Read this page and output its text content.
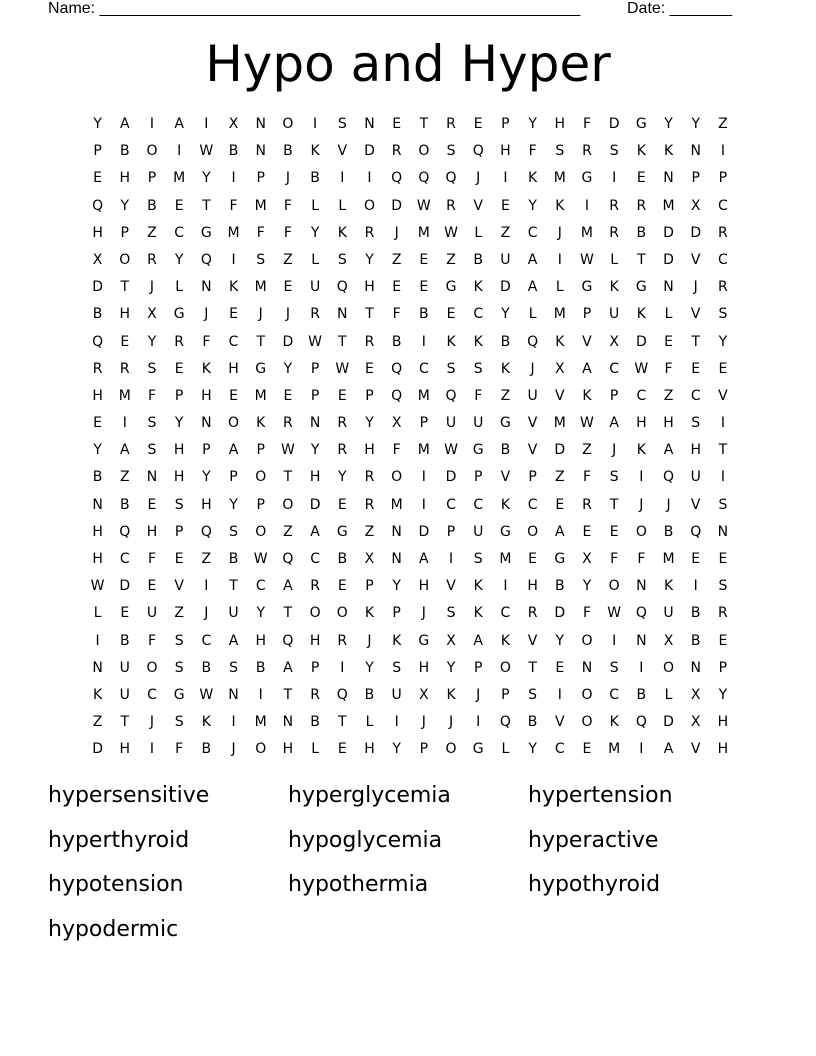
Name: ______________________________________________________	Date: _______
Hypo and Hyper
Y	A	I	A	I	X	N	O	I	S	N	E	T	R	E	P	Y	H	F	D	G	Y	Y	Z
P	B	O	I	W	B	N	B	K	V	D	R	O	S	Q	H	F	S	R	S	K	K	N	I
E	H	P	M	Y	I	P	J	B	I	I	Q	Q	Q	J	I	K	M	G	I	E	N	P	P
Q	Y	B	E	T	F	M	F	L	L	O	D	W	R	V	E	Y	K	I	R	R	M	X	C
H	P	Z	C	G	M	F	F	Y	K	R	J	M	W	L	Z	C	J	M	R	B	D	D	R
X	O	R	Y	Q	I	S	Z	L	S	Y	Z	E	Z	B	U	A	I	W	L	T	D	V	C
D	T	J	L	N	K	M	E	U	Q	H	E	E	G	K	D	A	L	G	K	G	N	J	R
B	H	X	G	J	E	J	J	R	N	T	F	B	E	C	Y	L	M	P	U	K	L	V	S
Q	E	Y	R	F	C	T	D	W	T	R	B	I	K	K	B	Q	K	V	X	D	E	T	Y
R	R	S	E	K	H	G	Y	P	W	E	Q	C	S	S	K	J	X	A	C	W	F	E	E
H	M	F	P	H	E	M	E	P	E	P	Q	M	Q	F	Z	U	V	K	P	C	Z	C	V
E	I	S	Y	N	O	K	R	N	R	Y	X	P	U	U	G	V	M	W	A	H	H	S	I
Y	A	S	H	P	A	P	W	Y	R	H	F	M	W	G	B	V	D	Z	J	K	A	H	T
B	Z	N	H	Y	P	O	T	H	Y	R	O	I	D	P	V	P	Z	F	S	I	Q	U	I
N	B	E	S	H	Y	P	O	D	E	R	M	I	C	C	K	C	E	R	T	J	J	V	S
H	Q	H	P	Q	S	O	Z	A	G	Z	N	D	P	U	G	O	A	E	E	O	B	Q	N
H	C	F	E	Z	B	W	Q	C	B	X	N	A	I	S	M	E	G	X	F	F	M	E	E
W	D	E	V	I	T	C	A	R	E	P	Y	H	V	K	I	H	B	Y	O	N	K	I	S
L	E	U	Z	J	U	Y	T	O	O	K	P	J	S	K	C	R	D	F	W	Q	U	B	R
I	B	F	S	C	A	H	Q	H	R	J	K	G	X	A	K	V	Y	O	I	N	X	B	E
N	U	O	S	B	S	B	A	P	I	Y	S	H	Y	P	O	T	E	N	S	I	O	N	P
K	U	C	G	W	N	I	T	R	Q	B	U	X	K	J	P	S	I	O	C	B	L	X	Y
Z	T	J	S	K	I	M	N	B	T	L	I	J	J	I	Q	B	V	O	K	Q	D	X	H
D	H	I	F	B	J	O	H	L	E	H	Y	P	O	G	L	Y	C	E	M	I	A	V	H
hypersensitive	hyperglycemia	hypertension
hyperthyroid	hypoglycemia	hyperactive
hypotension	hypothermia	hypothyroid
hypodermic
